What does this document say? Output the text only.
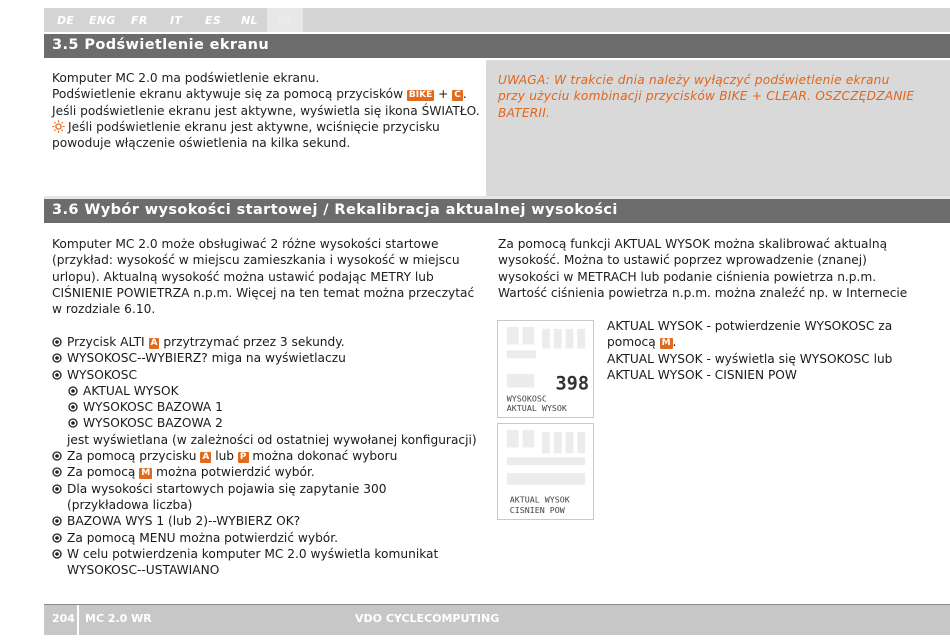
DE ENG FR IT ES NL PL
3.5 Podświetlenie ekranu
Komputer MC 2.0 ma podświetlenie ekranu.
Podświetlenie ekranu aktywuje się za pomocą przycisków BIKE + C .
Jeśli podświetlenie ekranu jest aktywne, wyświetla się ikona ŚWIATŁO.
Jeśli podświetlenie ekranu jest aktywne, wciśnięcie przycisku
powoduje włączenie oświetlenia na kilka sekund.
UWAGA: W trakcie dnia należy wyłączyć podświetlenie ekranu przy użyciu kombinacji przycisków BIKE + CLEAR. OSZCZĘDZANIE BATERII.
3.6 Wybór wysokości startowej / Rekalibracja aktualnej wysokości
Komputer MC 2.0 może obsługiwać 2 różne wysokości startowe
(przykład: wysokość w miejscu zamieszkania i wysokość w miejscu
urlopu). Aktualną wysokość można ustawić podając METRY lub
CIŚNIENIE POWIETRZA n.p.m. Więcej na ten temat można przeczytać
w rozdziale 6.10.
Za pomocą funkcji AKTUAL WYSOK można skalibrować aktualną
wysokość. Można to ustawić poprzez wprowadzenie (znanej)
wysokości w METRACH lub podanie ciśnienia powietrza n.p.m.
Wartość ciśnienia powietrza n.p.m. można znaleźć np. w Internecie
Przycisk ALTI A przytrzymać przez 3 sekundy.
WYSOKOSC--WYBIERZ? miga na wyświetlaczu
WYSOKOSC
AKTUAL WYSOK
WYSOKOSC BAZOWA 1
WYSOKOSC BAZOWA 2
jest wyświetlana (w zależności od ostatniej wywołanej konfiguracji)
Za pomocą przycisku A lub P można dokonać wyboru
Za pomocą M można potwierdzić wybór.
Dla wysokości startowych pojawia się zapytanie 300
(przykładowa liczba)
BAZOWA WYS 1 (lub 2)--WYBIERZ OK?
Za pomocą MENU można potwierdzić wybór.
W celu potwierdzenia komputer MC 2.0 wyświetla komunikat
WYSOKOSC--USTAWIANO
398
WYSOKOSC
AKTUAL WYSOK
AKTUAL WYSOK
CISNIEN POW
AKTUAL WYSOK - potwierdzenie WYSOKOSC za
pomocą M .
AKTUAL WYSOK - wyświetla się WYSOKOSC lub
AKTUAL WYSOK - CISNIEN POW
204 MC 2.0 WR	VDO CYCLECOMPUTING
